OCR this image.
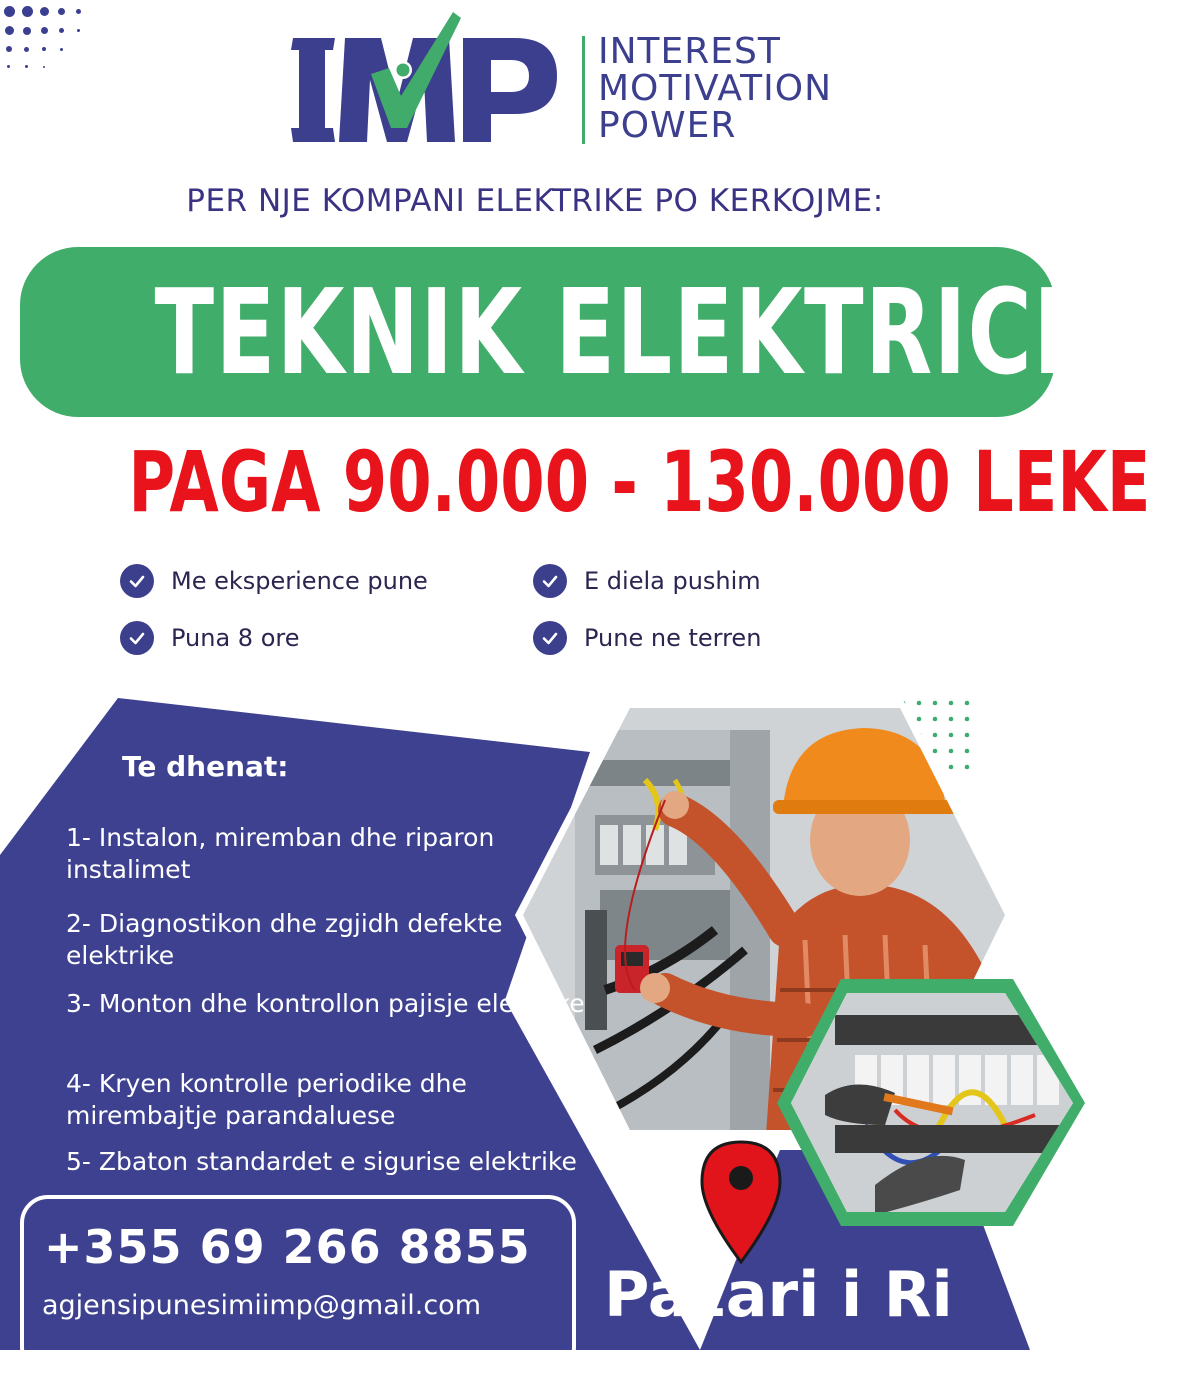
INTEREST
MOTIVATION
POWER
PER NJE KOMPANI ELEKTRIKE PO KERKOJME:
TEKNIK ELEKTRICIST
PAGA 90.000 - 130.000 LEKE
Me eksperience pune	E diela pushim
Puna 8 ore	Pune ne terren
Te dhenat:
1- Instalon, miremban dhe riparon instalimet
2- Diagnostikon dhe zgjidh defekte elektrike
3- Monton dhe kontrollon pajisje elektrike
4- Kryen kontrolle periodike dhe mirembajtje parandaluese
5- Zbaton standardet e sigurise elektrike
+355 69 266 8855
agjensipunesimiimp@gmail.com Pazari i Ri
